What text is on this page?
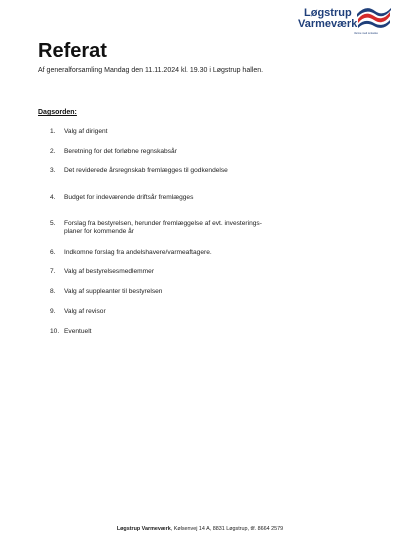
Løgstrup
Varmeværk
Varme med omtanke
Referat
Af generalforsamling Mandag den 11.11.2024 kl. 19.30 i Løgstrup hallen.
Dagsorden:
1. Valg af dirigent
2. Beretning for det forløbne regnskabsår
3. Det reviderede årsregnskab fremlægges til godkendelse
4. Budget for indeværende driftsår fremlægges
5. Forslag fra bestyrelsen, herunder fremlæggelse af evt. investerings-
planer for kommende år
6. Indkomne forslag fra andelshavere/varmeaftagere.
7. Valg af bestyrelsesmedlemmer
8. Valg af suppleanter til bestyrelsen
9. Valg af revisor
10. Eventuelt
Løgstrup Varmeværk, Kølsenvej 14 A, 8831 Løgstrup, tlf. 8664 2579
